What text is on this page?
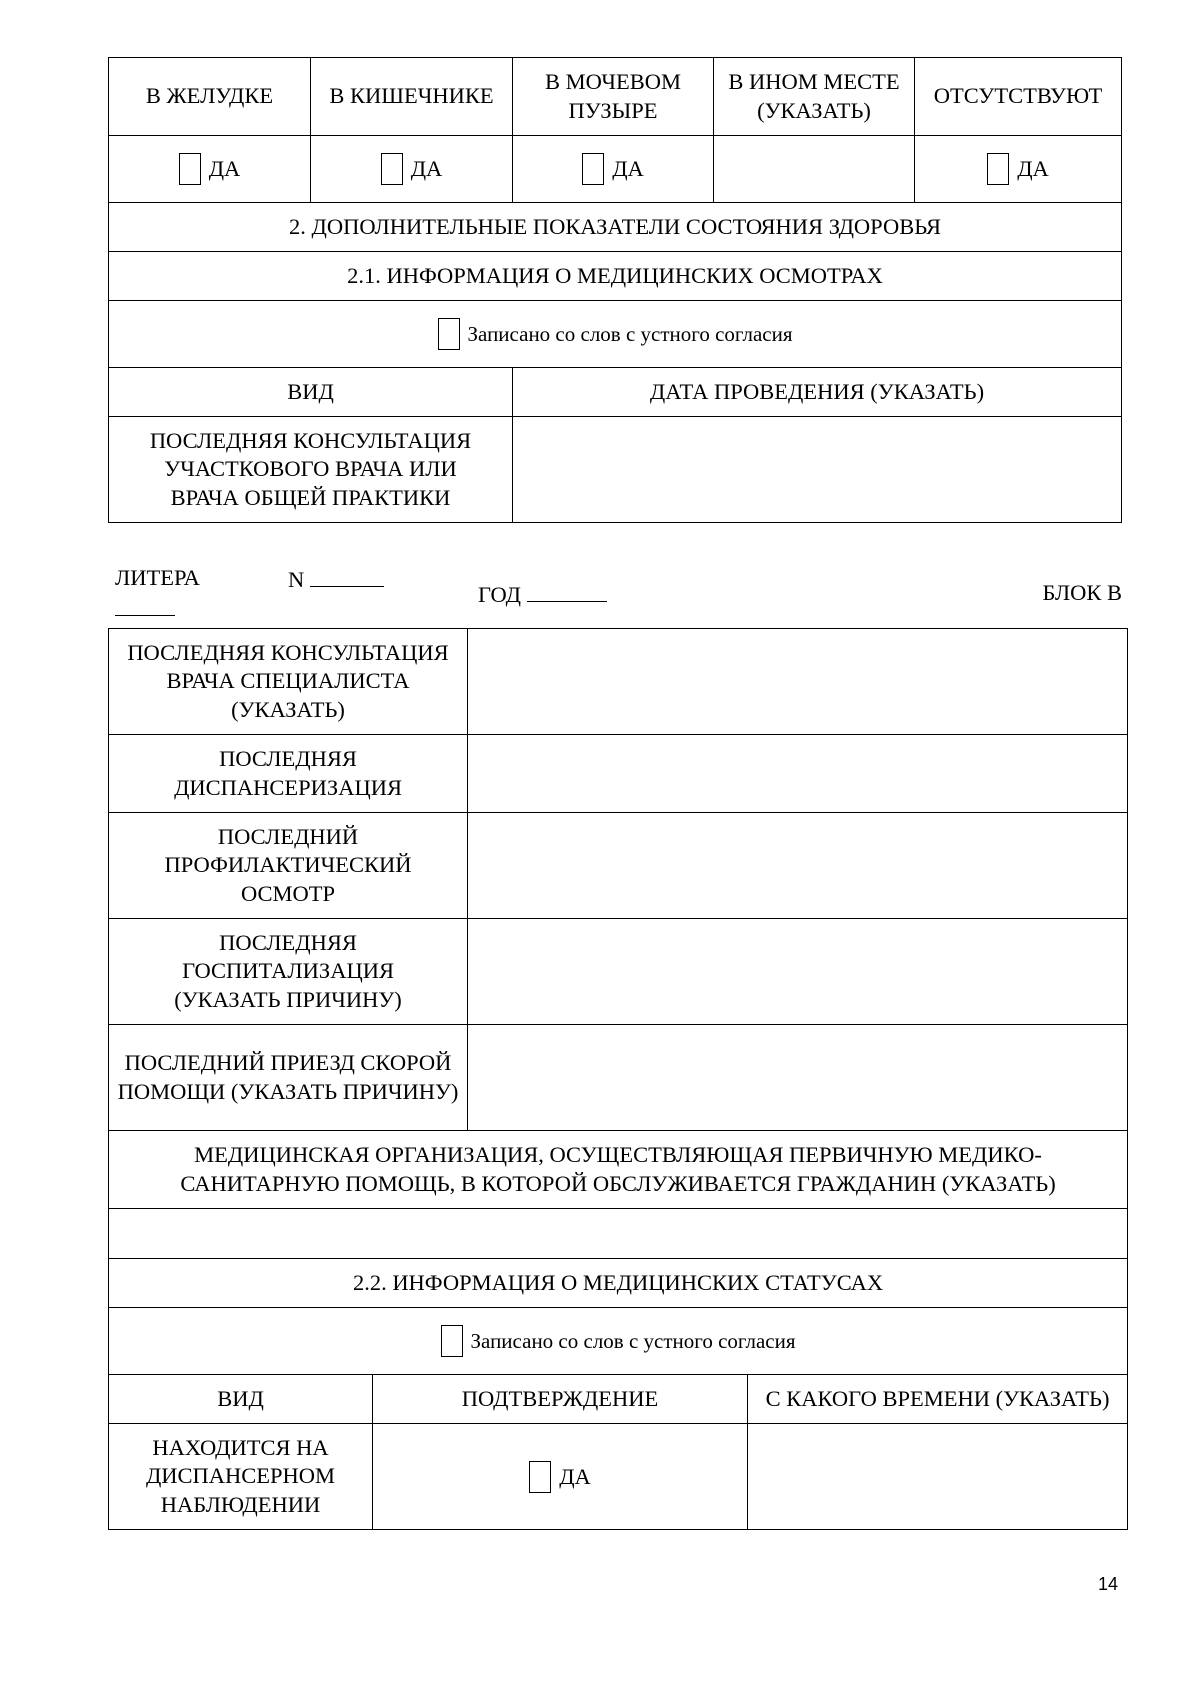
В ЖЕЛУДКЕ	В КИШЕЧНИКЕ	В МОЧЕВОМ ПУЗЫРЕ	В ИНОМ МЕСТЕ (УКАЗАТЬ)	ОТСУТСТВУЮТ
ДА	ДА	ДА		ДА
2. ДОПОЛНИТЕЛЬНЫЕ ПОКАЗАТЕЛИ СОСТОЯНИЯ ЗДОРОВЬЯ				
2.1. ИНФОРМАЦИЯ О МЕДИЦИНСКИХ ОСМОТРАХ				
Записано со слов с устного согласия				
ВИД		ДАТА ПРОВЕДЕНИЯ (УКАЗАТЬ)		
ПОСЛЕДНЯЯ КОНСУЛЬТАЦИЯ УЧАСТКОВОГО ВРАЧА ИЛИ ВРАЧА ОБЩЕЙ ПРАКТИКИ				
ЛИТЕРА	N
ГОД	БЛОК В
ПОСЛЕДНЯЯ КОНСУЛЬТАЦИЯ ВРАЧА СПЕЦИАЛИСТА (УКАЗАТЬ)			
ПОСЛЕДНЯЯ ДИСПАНСЕРИЗАЦИЯ			
ПОСЛЕДНИЙ ПРОФИЛАКТИЧЕСКИЙ ОСМОТР			
ПОСЛЕДНЯЯ ГОСПИТАЛИЗАЦИЯ (УКАЗАТЬ ПРИЧИНУ)			
ПОСЛЕДНИЙ ПРИЕЗД СКОРОЙ ПОМОЩИ (УКАЗАТЬ ПРИЧИНУ)			
МЕДИЦИНСКАЯ ОРГАНИЗАЦИЯ, ОСУЩЕСТВЛЯЮЩАЯ ПЕРВИЧНУЮ МЕДИКО-САНИТАРНУЮ ПОМОЩЬ, В КОТОРОЙ ОБСЛУЖИВАЕТСЯ ГРАЖДАНИН (УКАЗАТЬ)			

2.2. ИНФОРМАЦИЯ О МЕДИЦИНСКИХ СТАТУСАХ			
Записано со слов с устного согласия			
ВИД	ПОДТВЕРЖДЕНИЕ		С КАКОГО ВРЕМЕНИ (УКАЗАТЬ)
НАХОДИТСЯ НА ДИСПАНСЕРНОМ НАБЛЮДЕНИИ	ДА		
14
